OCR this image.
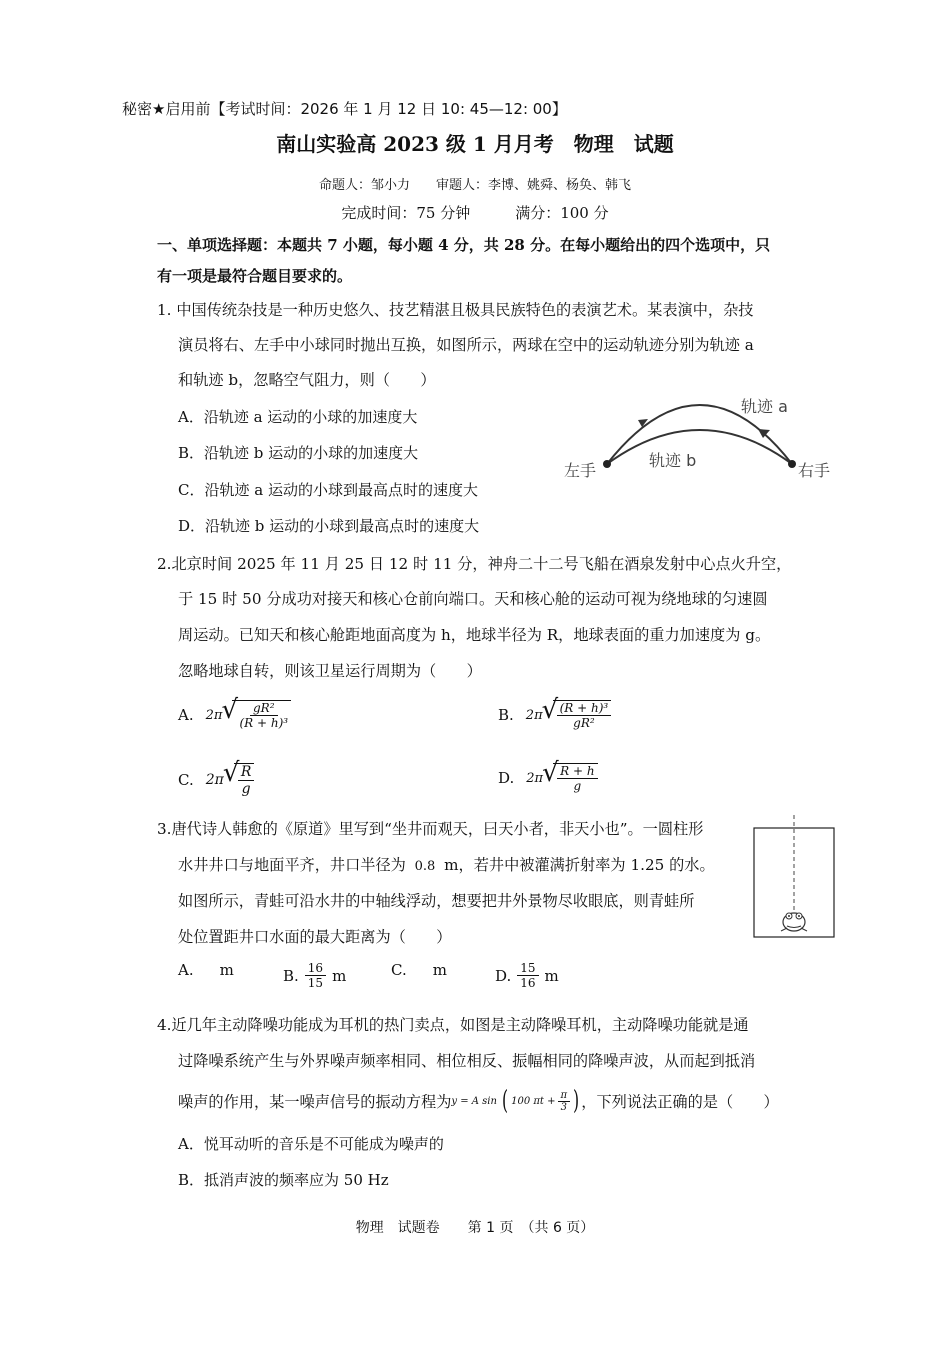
秘密★启用前【考试时间：2026 年 1 月 12 日 10: 45—12: 00】
南山实验高 2023 级 1 月月考　物理　试题
命题人：邹小力　　审题人：李博、姚舜、杨奂、韩飞
完成时间：75 分钟　　　满分：100 分
一、单项选择题：本题共 7 小题，每小题 4 分，共 28 分。在每小题给出的四个选项中，只
有一项是最符合题目要求的。
1. 中国传统杂技是一种历史悠久、技艺精湛且极具民族特色的表演艺术。某表演中，杂技
演员将右、左手中小球同时抛出互换，如图所示，两球在空中的运动轨迹分别为轨迹 a
和轨迹 b，忽略空气阻力，则（　　）
A．沿轨迹 a 运动的小球的加速度大
B．沿轨迹 b 运动的小球的加速度大
C．沿轨迹 a 运动的小球到最高点时的速度大
D．沿轨迹 b 运动的小球到最高点时的速度大
轨迹 a
轨迹 b
左手	右手
2.北京时间 2025 年 11 月 25 日 12 时 11 分，神舟二十二号飞船在酒泉发射中心点火升空，
于 15 时 50 分成功对接天和核心仓前向端口。天和核心舱的运动可视为绕地球的匀速圆
周运动。已知天和核心舱距地面高度为 h，地球半径为 R，地球表面的重力加速度为 g。
忽略地球自转，则该卫星运行周期为（　　）
A. 2π √ $\frac{\text{gR²}}{\text{(R + h)³}}$	B. 2π √ $\frac{\text{(R + h)³}}{\text{gR²}}$
C. 2π √ $\frac{R}{g}$	D. 2π √ $\frac{R + h}{g}$
3.唐代诗人韩愈的《原道》里写到“坐井而观天，曰天小者，非天小也”。一圆柱形
水井井口与地面平齐，井口半径为 0.8 m，若井中被灌满折射率为 1.25 的水。
如图所示，青蛙可沿水井的中轴线浮动，想要把井外景物尽收眼底，则青蛙所
处位置距井口水面的最大距离为（　　）
A. m	B. $\frac{16}{15}$ m	C. m	D. $\frac{15}{16}$ m
4.近几年主动降噪功能成为耳机的热门卖点，如图是主动降噪耳机，主动降噪功能就是通
过降噪系统产生与外界噪声频率相同、相位相反、振幅相同的降噪声波，从而起到抵消
噪声的作用，某一噪声信号的振动方程为 y = A sin ( 100 $\pi t + \frac{\pi}{3}$ ) ，下列说法正确的是（　　）
A．悦耳动听的音乐是不可能成为噪声的
B．抵消声波的频率应为 50 Hz
物理　试题卷　　第 1 页　（共 6 页）
